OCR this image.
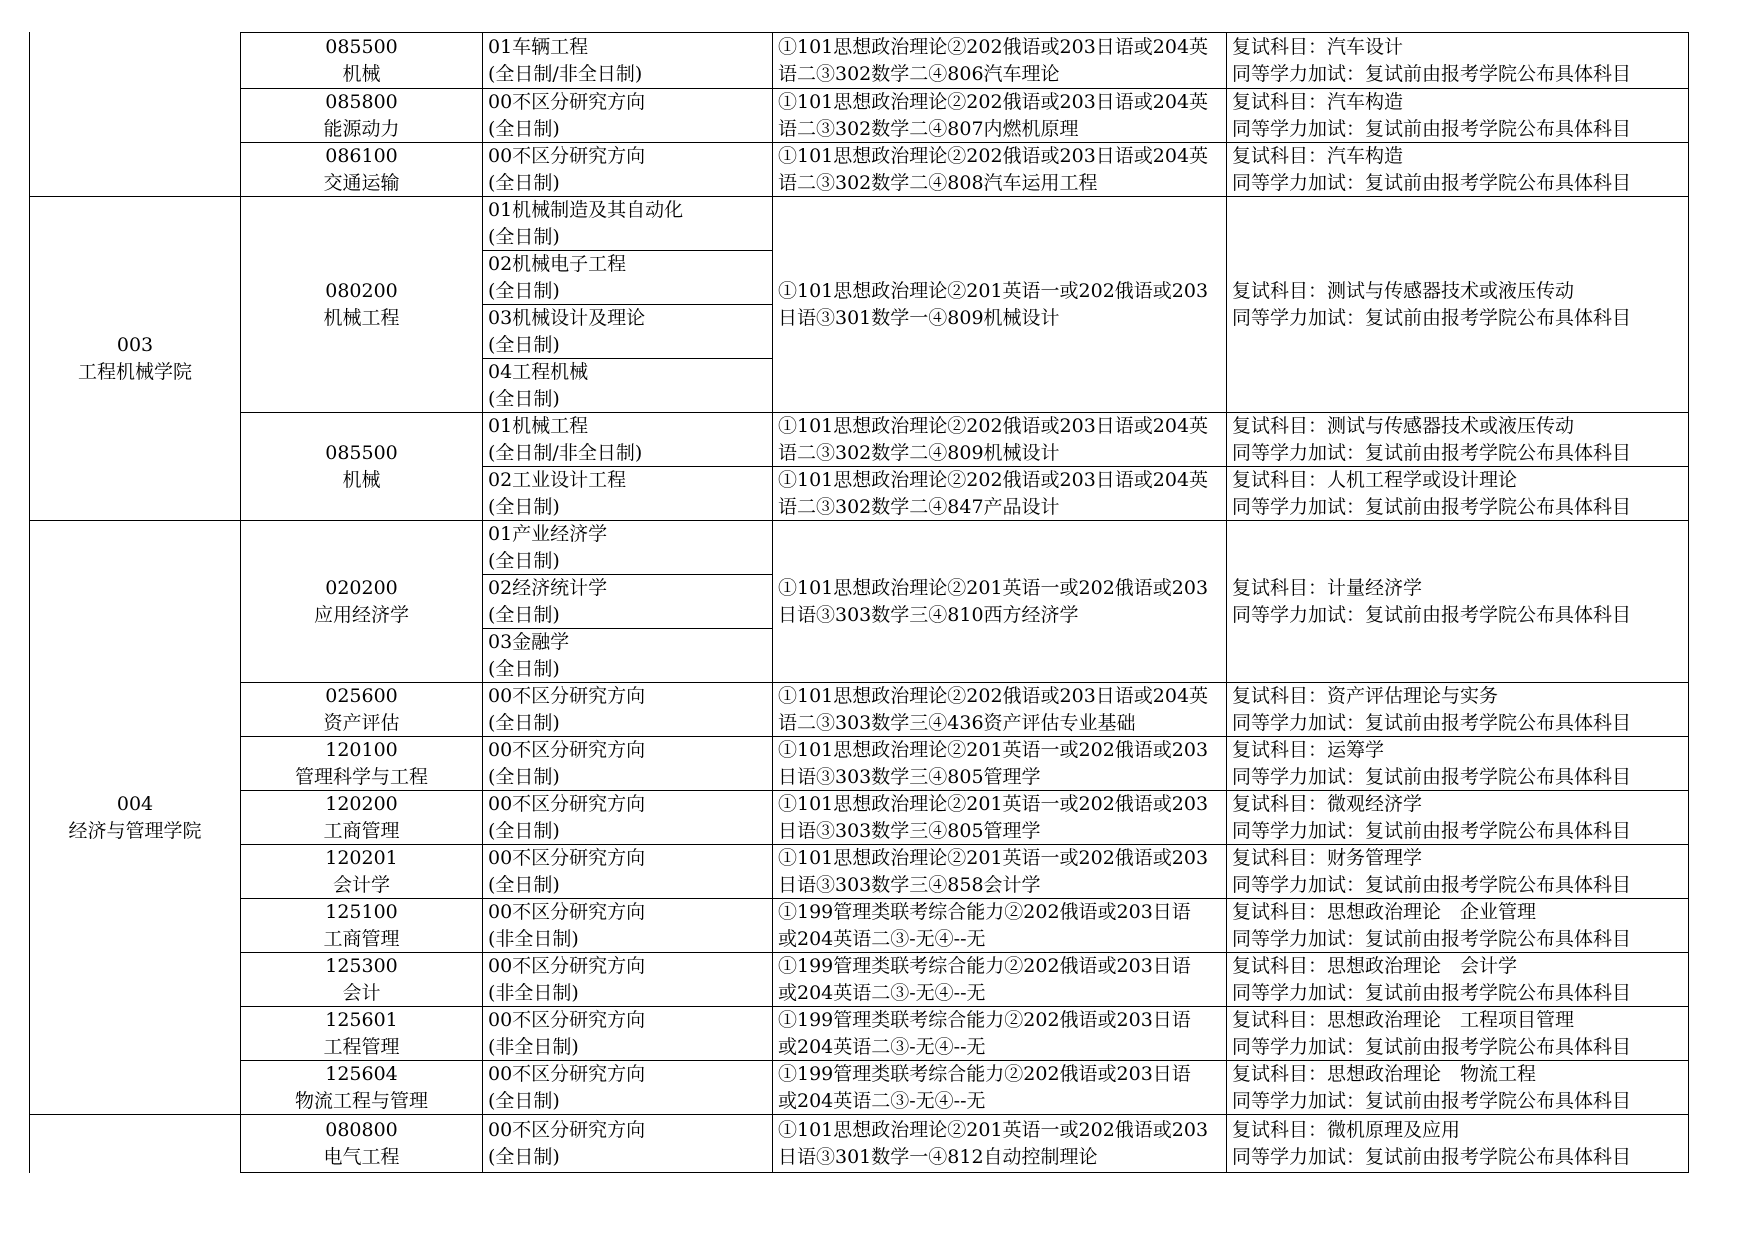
085500
机械
01车辆工程
(全日制/非全日制)
①101思想政治理论②202俄语或203日语或204英
语二③302数学二④806汽车理论
复试科目：汽车设计
同等学力加试：复试前由报考学院公布具体科目
085800
能源动力
00不区分研究方向
(全日制)
①101思想政治理论②202俄语或203日语或204英
语二③302数学二④807内燃机原理
复试科目：汽车构造
同等学力加试：复试前由报考学院公布具体科目
086100
交通运输
00不区分研究方向
(全日制)
①101思想政治理论②202俄语或203日语或204英
语二③302数学二④808汽车运用工程
复试科目：汽车构造
同等学力加试：复试前由报考学院公布具体科目
003
工程机械学院
080200
机械工程
01机械制造及其自动化
(全日制)
02机械电子工程
(全日制)
03机械设计及理论
(全日制)
04工程机械
(全日制)
①101思想政治理论②201英语一或202俄语或203
日语③301数学一④809机械设计
复试科目：测试与传感器技术或液压传动
同等学力加试：复试前由报考学院公布具体科目
085500
机械
01机械工程
(全日制/非全日制)
①101思想政治理论②202俄语或203日语或204英
语二③302数学二④809机械设计
复试科目：测试与传感器技术或液压传动
同等学力加试：复试前由报考学院公布具体科目
02工业设计工程
(全日制)
①101思想政治理论②202俄语或203日语或204英
语二③302数学二④847产品设计
复试科目：人机工程学或设计理论
同等学力加试：复试前由报考学院公布具体科目
004
经济与管理学院
020200
应用经济学
01产业经济学
(全日制)
02经济统计学
(全日制)
03金融学
(全日制)
①101思想政治理论②201英语一或202俄语或203
日语③303数学三④810西方经济学
复试科目：计量经济学
同等学力加试：复试前由报考学院公布具体科目
025600
资产评估
00不区分研究方向
(全日制)
①101思想政治理论②202俄语或203日语或204英
语二③303数学三④436资产评估专业基础
复试科目：资产评估理论与实务
同等学力加试：复试前由报考学院公布具体科目
120100
管理科学与工程
00不区分研究方向
(全日制)
①101思想政治理论②201英语一或202俄语或203
日语③303数学三④805管理学
复试科目：运筹学
同等学力加试：复试前由报考学院公布具体科目
120200
工商管理
00不区分研究方向
(全日制)
①101思想政治理论②201英语一或202俄语或203
日语③303数学三④805管理学
复试科目：微观经济学
同等学力加试：复试前由报考学院公布具体科目
120201
会计学
00不区分研究方向
(全日制)
①101思想政治理论②201英语一或202俄语或203
日语③303数学三④858会计学
复试科目：财务管理学
同等学力加试：复试前由报考学院公布具体科目
125100
工商管理
00不区分研究方向
(非全日制)
①199管理类联考综合能力②202俄语或203日语
或204英语二③-无④--无
复试科目：思想政治理论　企业管理
同等学力加试：复试前由报考学院公布具体科目
125300
会计
00不区分研究方向
(非全日制)
①199管理类联考综合能力②202俄语或203日语
或204英语二③-无④--无
复试科目：思想政治理论　会计学
同等学力加试：复试前由报考学院公布具体科目
125601
工程管理
00不区分研究方向
(非全日制)
①199管理类联考综合能力②202俄语或203日语
或204英语二③-无④--无
复试科目：思想政治理论　工程项目管理
同等学力加试：复试前由报考学院公布具体科目
125604
物流工程与管理
00不区分研究方向
(全日制)
①199管理类联考综合能力②202俄语或203日语
或204英语二③-无④--无
复试科目：思想政治理论　物流工程
同等学力加试：复试前由报考学院公布具体科目
080800
电气工程
00不区分研究方向
(全日制)
①101思想政治理论②201英语一或202俄语或203
日语③301数学一④812自动控制理论
复试科目：微机原理及应用
同等学力加试：复试前由报考学院公布具体科目
